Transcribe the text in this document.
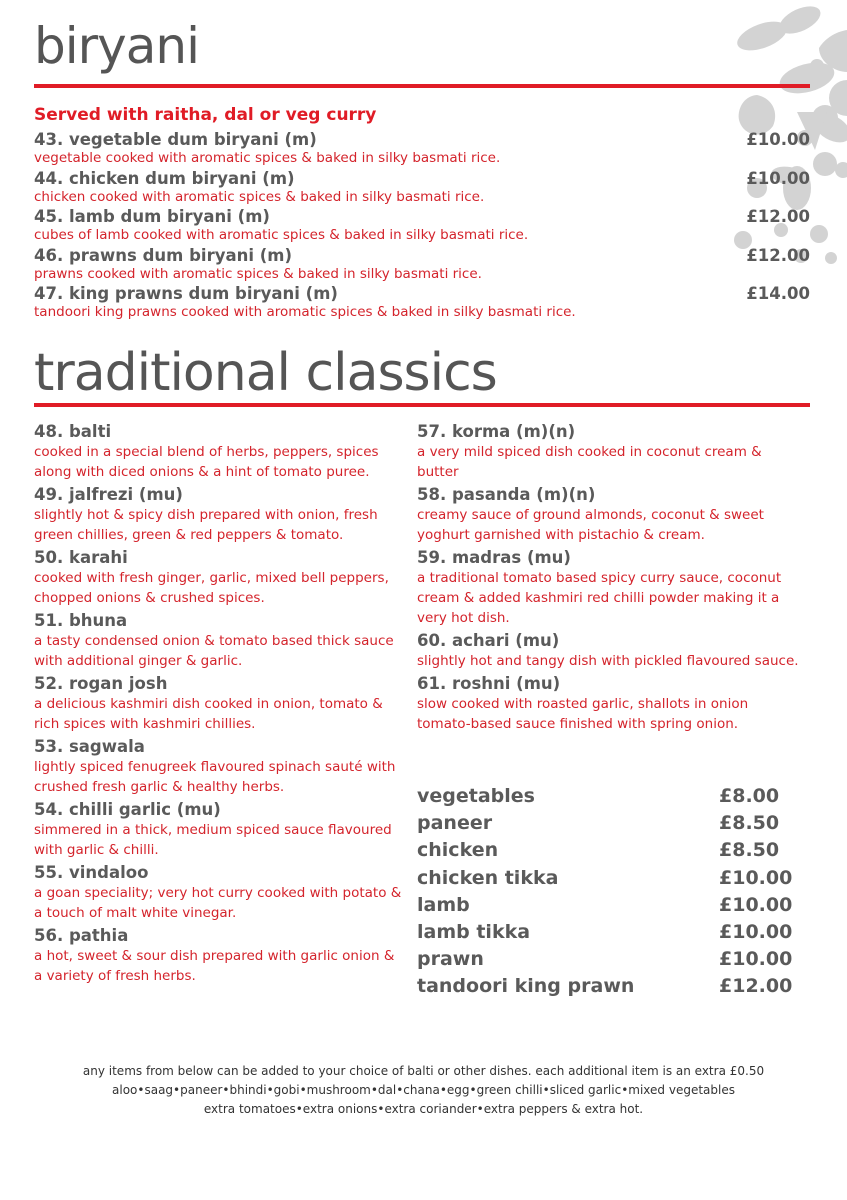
biryani
Served with raitha, dal or veg curry
43. vegetable dum biryani (m)
vegetable cooked with aromatic spices & baked in silky basmati rice.
£10.00
44. chicken dum biryani (m)
chicken cooked with aromatic spices & baked in silky basmati rice.
£10.00
45. lamb dum biryani (m)
cubes of lamb cooked with aromatic spices & baked in silky basmati rice.
£12.00
46. prawns dum biryani (m)
prawns cooked with aromatic spices & baked in silky basmati rice.
£12.00
47. king prawns dum biryani (m)
tandoori king prawns cooked with aromatic spices & baked in silky basmati rice.
£14.00
traditional classics
48. balti
cooked in a special blend of herbs, peppers, spices along with diced onions & a hint of tomato puree.
49. jalfrezi (mu)
slightly hot & spicy dish prepared with onion, fresh green chillies, green & red peppers & tomato.
50. karahi
cooked with fresh ginger, garlic, mixed bell peppers, chopped onions & crushed spices.
51. bhuna
a tasty condensed onion & tomato based thick sauce with additional ginger & garlic.
52. rogan josh
a delicious kashmiri dish cooked in onion, tomato & rich spices with kashmiri chillies.
53. sagwala
lightly spiced fenugreek flavoured spinach sauté with crushed fresh garlic & healthy herbs.
54. chilli garlic (mu)
simmered in a thick, medium spiced sauce flavoured with garlic & chilli.
55. vindaloo
a goan speciality; very hot curry cooked with potato & a touch of malt white vinegar.
56. pathia
a hot, sweet & sour dish prepared with garlic onion & a variety of fresh herbs.
57. korma (m)(n)
a very mild spiced dish cooked in coconut cream & butter
58. pasanda (m)(n)
creamy sauce of ground almonds, coconut & sweet yoghurt garnished with pistachio & cream.
59. madras (mu)
a traditional tomato based spicy curry sauce, coconut cream & added kashmiri red chilli powder making it a very hot dish.
60. achari (mu)
slightly hot and tangy dish with pickled flavoured sauce.
61. roshni (mu)
slow cooked with roasted garlic, shallots in onion tomato-based sauce finished with spring onion.
vegetables	£8.00
paneer	£8.50
chicken	£8.50
chicken tikka	£10.00
lamb	£10.00
lamb tikka	£10.00
prawn	£10.00
tandoori king prawn	£12.00
any items from below can be added to your choice of balti or other dishes. each additional item is an extra £0.50
aloo•saag•paneer•bhindi•gobi•mushroom•dal•chana•egg•green chilli•sliced garlic•mixed vegetables
extra tomatoes•extra onions•extra coriander•extra peppers & extra hot.
